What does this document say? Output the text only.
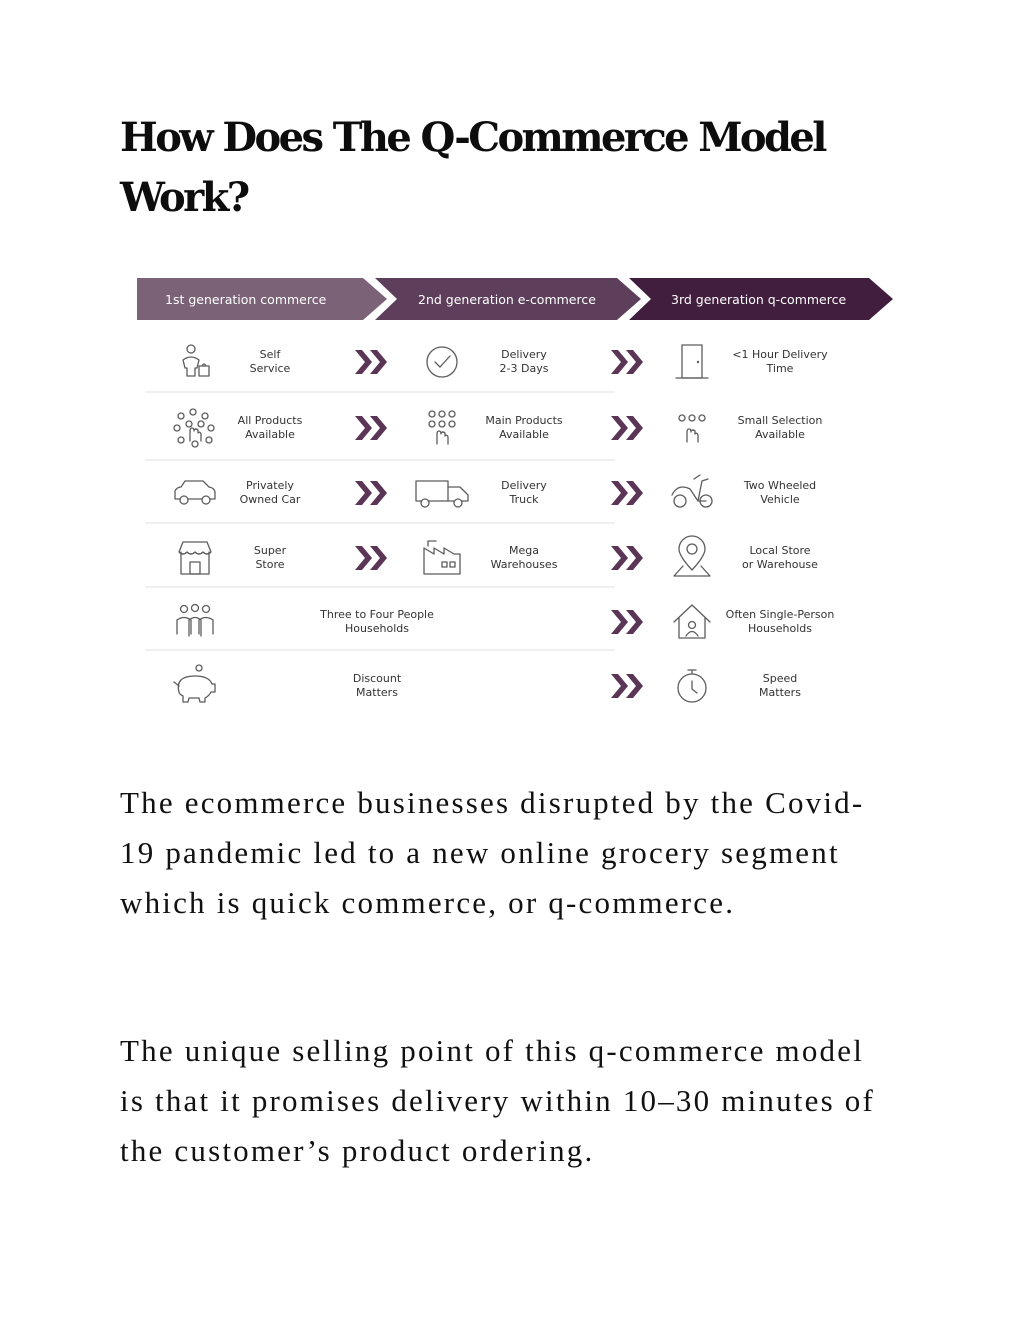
How Does The Q-Commerce Model Work?
1st generation commerce	2nd generation e-commerce	3rd generation q-commerce
Self Service
Delivery 2-3 Days
<1 Hour Delivery Time
All Products Available
Main Products Available
Small Selection Available
Privately Owned Car
Delivery Truck
Two Wheeled Vehicle
Super Store
Mega Warehouses
Local Store or Warehouse
Three to Four People Households
Often Single-Person Households
Discount Matters
Speed Matters

The ecommerce businesses disrupted by the Covid-19 pandemic led to a new online grocery segment which is quick commerce, or q-commerce.

The unique selling point of this q-commerce model is that it promises delivery within 10–30 minutes of the customer’s product ordering.
